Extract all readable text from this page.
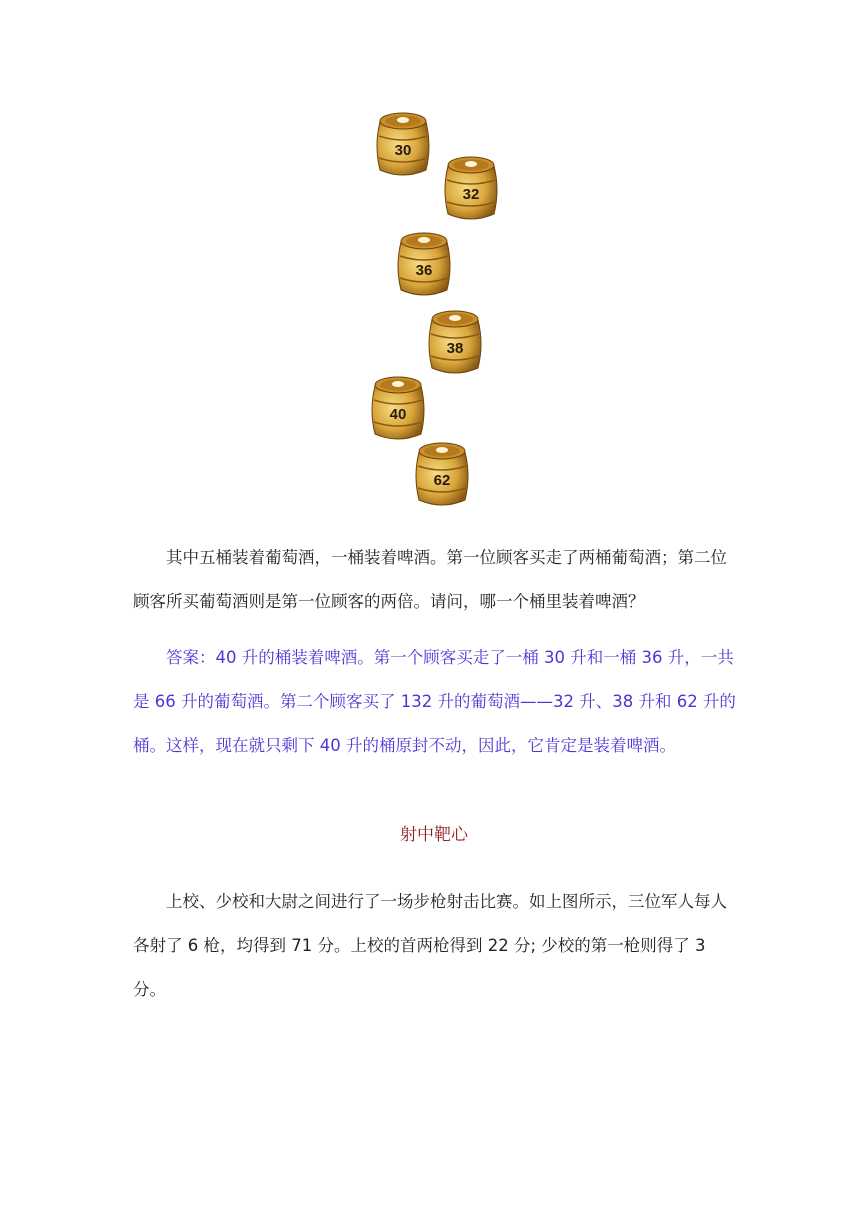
30
32
36
38
40
62

其中五桶装着葡萄酒，一桶装着啤酒。第一位顾客买走了两桶葡萄酒；第二位顾客所买葡萄酒则是第一位顾客的两倍。请问，哪一个桶里装着啤酒？

答案：40 升的桶装着啤酒。第一个顾客买走了一桶 30 升和一桶 36 升，一共是 66 升的葡萄酒。第二个顾客买了 132 升的葡萄酒——32 升、38 升和 62 升的桶。这样，现在就只剩下 40 升的桶原封不动，因此，它肯定是装着啤酒。

射中靶心

上校、少校和大尉之间进行了一场步枪射击比赛。如上图所示，三位军人每人各射了 6 枪，均得到 71 分。上校的首两枪得到 22 分; 少校的第一枪则得了 3 分。
